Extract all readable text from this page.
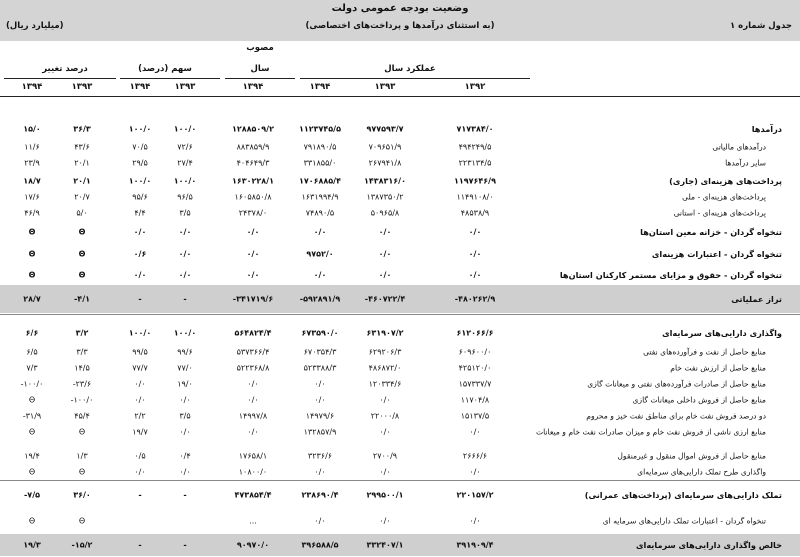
وضعیت بودجه عمومی دولت
(به استثنای درآمدها و پرداخت‌های اختصاصی)
(میلیارد ریال)	جدول شماره ۱
مصوب
سال	عملکرد سال
سهم (درصد)
درصد تغییر
۱۳۹۲
۱۳۹۳
۱۳۹۴
۱۳۹۴
۱۳۹۳
۱۳۹۴
۱۳۹۳
۱۳۹۴
درآمدها
۷۱۷۳۸۴/۰
۹۷۷۵۹۳/۷
۱۱۲۳۷۴۵/۵
۱۲۸۸۵۰۹/۲
۱۰۰/۰
۱۰۰/۰
۳۶/۳
۱۵/۰
درآمدهای مالیاتی
۴۹۴۲۴۹/۵
۷۰۹۶۵۱/۹
۷۹۱۸۹۰/۵
۸۸۳۸۵۹/۹
۷۲/۶
۷۰/۵
۴۳/۶
۱۱/۶
سایر درآمدها
۲۲۳۱۳۴/۵
۲۶۷۹۴۱/۸
۳۳۱۸۵۵/۰
۴۰۴۶۴۹/۳
۲۷/۴
۲۹/۵
۲۰/۱
۲۳/۹
پرداخت‌های هزینه‌ای (جاری)
۱۱۹۷۶۴۶/۹
۱۴۳۸۳۱۶/۰
۱۷۰۶۸۸۵/۴
۱۶۳۰۲۲۸/۱
۱۰۰/۰
۱۰۰/۰
۲۰/۱
۱۸/۷
پرداخت‌های هزینه‌ای - ملی
۱۱۴۹۱۰۸/۰
۱۳۸۷۳۵۰/۲
۱۶۳۱۹۹۴/۹
۱۶۰۵۸۵۰/۸
۹۶/۵
۹۵/۶
۲۰/۷
۱۷/۶
پرداخت‌های هزینه‌ای - استانی
۴۸۵۳۸/۹
۵۰۹۶۵/۸
۷۴۸۹۰/۵
۲۴۳۷۸/۰
۳/۵
۴/۴
۵/۰
۴۶/۹
تنخواه گردان - خزانه معین استان‌ها
۰/۰
۰/۰
۰/۰
۰/۰
۰/۰
۰/۰
Θ
Θ
تنخواه گردان - اعتبارات هزینه‌ای
۰/۰
۰/۰
۹۷۵۲/۰
۰/۰
۰/۰
۰/۶
Θ
Θ
تنخواه گردان - حقوق و مزایای مستمر کارکنان استان‌ها
۰/۰
۰/۰
۰/۰
۰/۰
۰/۰
۰/۰
Θ
Θ
تراز عملیاتی
-۴۸۰۲۶۲/۹
-۴۶۰۷۲۲/۴
-۵۹۲۸۹۱/۹
-۳۴۱۷۱۹/۶
-
-
-۴/۱
۲۸/۷
واگذاری دارایی‌های سرمایه‌ای
۶۱۲۰۶۶/۶
۶۳۱۹۰۷/۲
۶۷۳۵۹۰/۰
۵۶۴۸۲۴/۴
۱۰۰/۰
۱۰۰/۰
۳/۲
۶/۶
منابع حاصل از نفت و فرآورده‌های نفتی
۶۰۹۶۰۰/۰
۶۲۹۲۰۶/۳
۶۷۰۳۵۴/۳
۵۳۷۳۶۶/۴
۹۹/۶
۹۹/۵
۳/۳
۶/۵
منابع حاصل از ارزش نفت خام
۴۲۵۱۲۰/۰
۴۸۶۸۷۲/۰
۵۲۳۳۸۸/۳
۵۲۲۳۶۸/۸
۷۷/۰
۷۷/۷
۱۴/۵
۷/۳
منابع حاصل از صادرات فرآورده‌های نفتی و میعانات گازی
۱۵۷۳۳۷/۷
۱۲۰۳۳۴/۶
۰/۰
۰/۰
۱۹/۰
۰/۰
-۲۳/۶
-۱۰۰/۰
منابع حاصل از فروش داخلی میعانات گازی
۱۱۷۰۴/۸
۰/۰
۰/۰
۰/۰
۰/۰
۰/۰
-۱۰۰/۰
Θ
دو درصد فروش نفت خام برای مناطق نفت خیز و محروم
۱۵۱۳۷/۵
۲۲۰۰۰/۸
۱۴۹۷۹/۶
۱۴۹۹۷/۸
۳/۵
۲/۲
۴۵/۴
-۳۱/۹
منابع ارزی ناشی از فروش نفت خام و میزان صادرات نفت خام و میعانات
۰/۰
۰/۰
۱۳۲۸۵۷/۹
۰/۰
۰/۰
۱۹/۷
Θ
Θ
منابع حاصل از فروش اموال منقول و غیرمنقول
۲۶۶۶/۶
۲۷۰۰/۹
۳۲۳۶/۶
۱۷۶۵۸/۱
۰/۴
۰/۵
۱/۳
۱۹/۴
واگذاری طرح تملک دارایی‌های سرمایه‌ای
۰/۰
۰/۰
۰/۰
۱۰۸۰۰/۰
۰/۰
۰/۰
Θ
Θ
تملک دارایی‌های سرمایه‌ای (پرداخت‌های عمرانی)
۲۲۰۱۵۷/۲
۲۹۹۵۰۰/۱
۲۳۸۶۹۰/۴
۴۷۳۸۵۴/۴
-
-
۳۶/۰
-۷/۵
تنخواه گردان - اعتبارات تملک دارایی‌های سرمایه ای
۰/۰
۰/۰
۰/۰
...
Θ
Θ
خالص واگذاری دارایی‌های سرمایه‌ای
۳۹۱۹۰۹/۴
۳۳۲۴۰۷/۱
۳۹۶۵۸۸/۵
۹۰۹۷۰/۰
-
-
-۱۵/۲
۱۹/۳
